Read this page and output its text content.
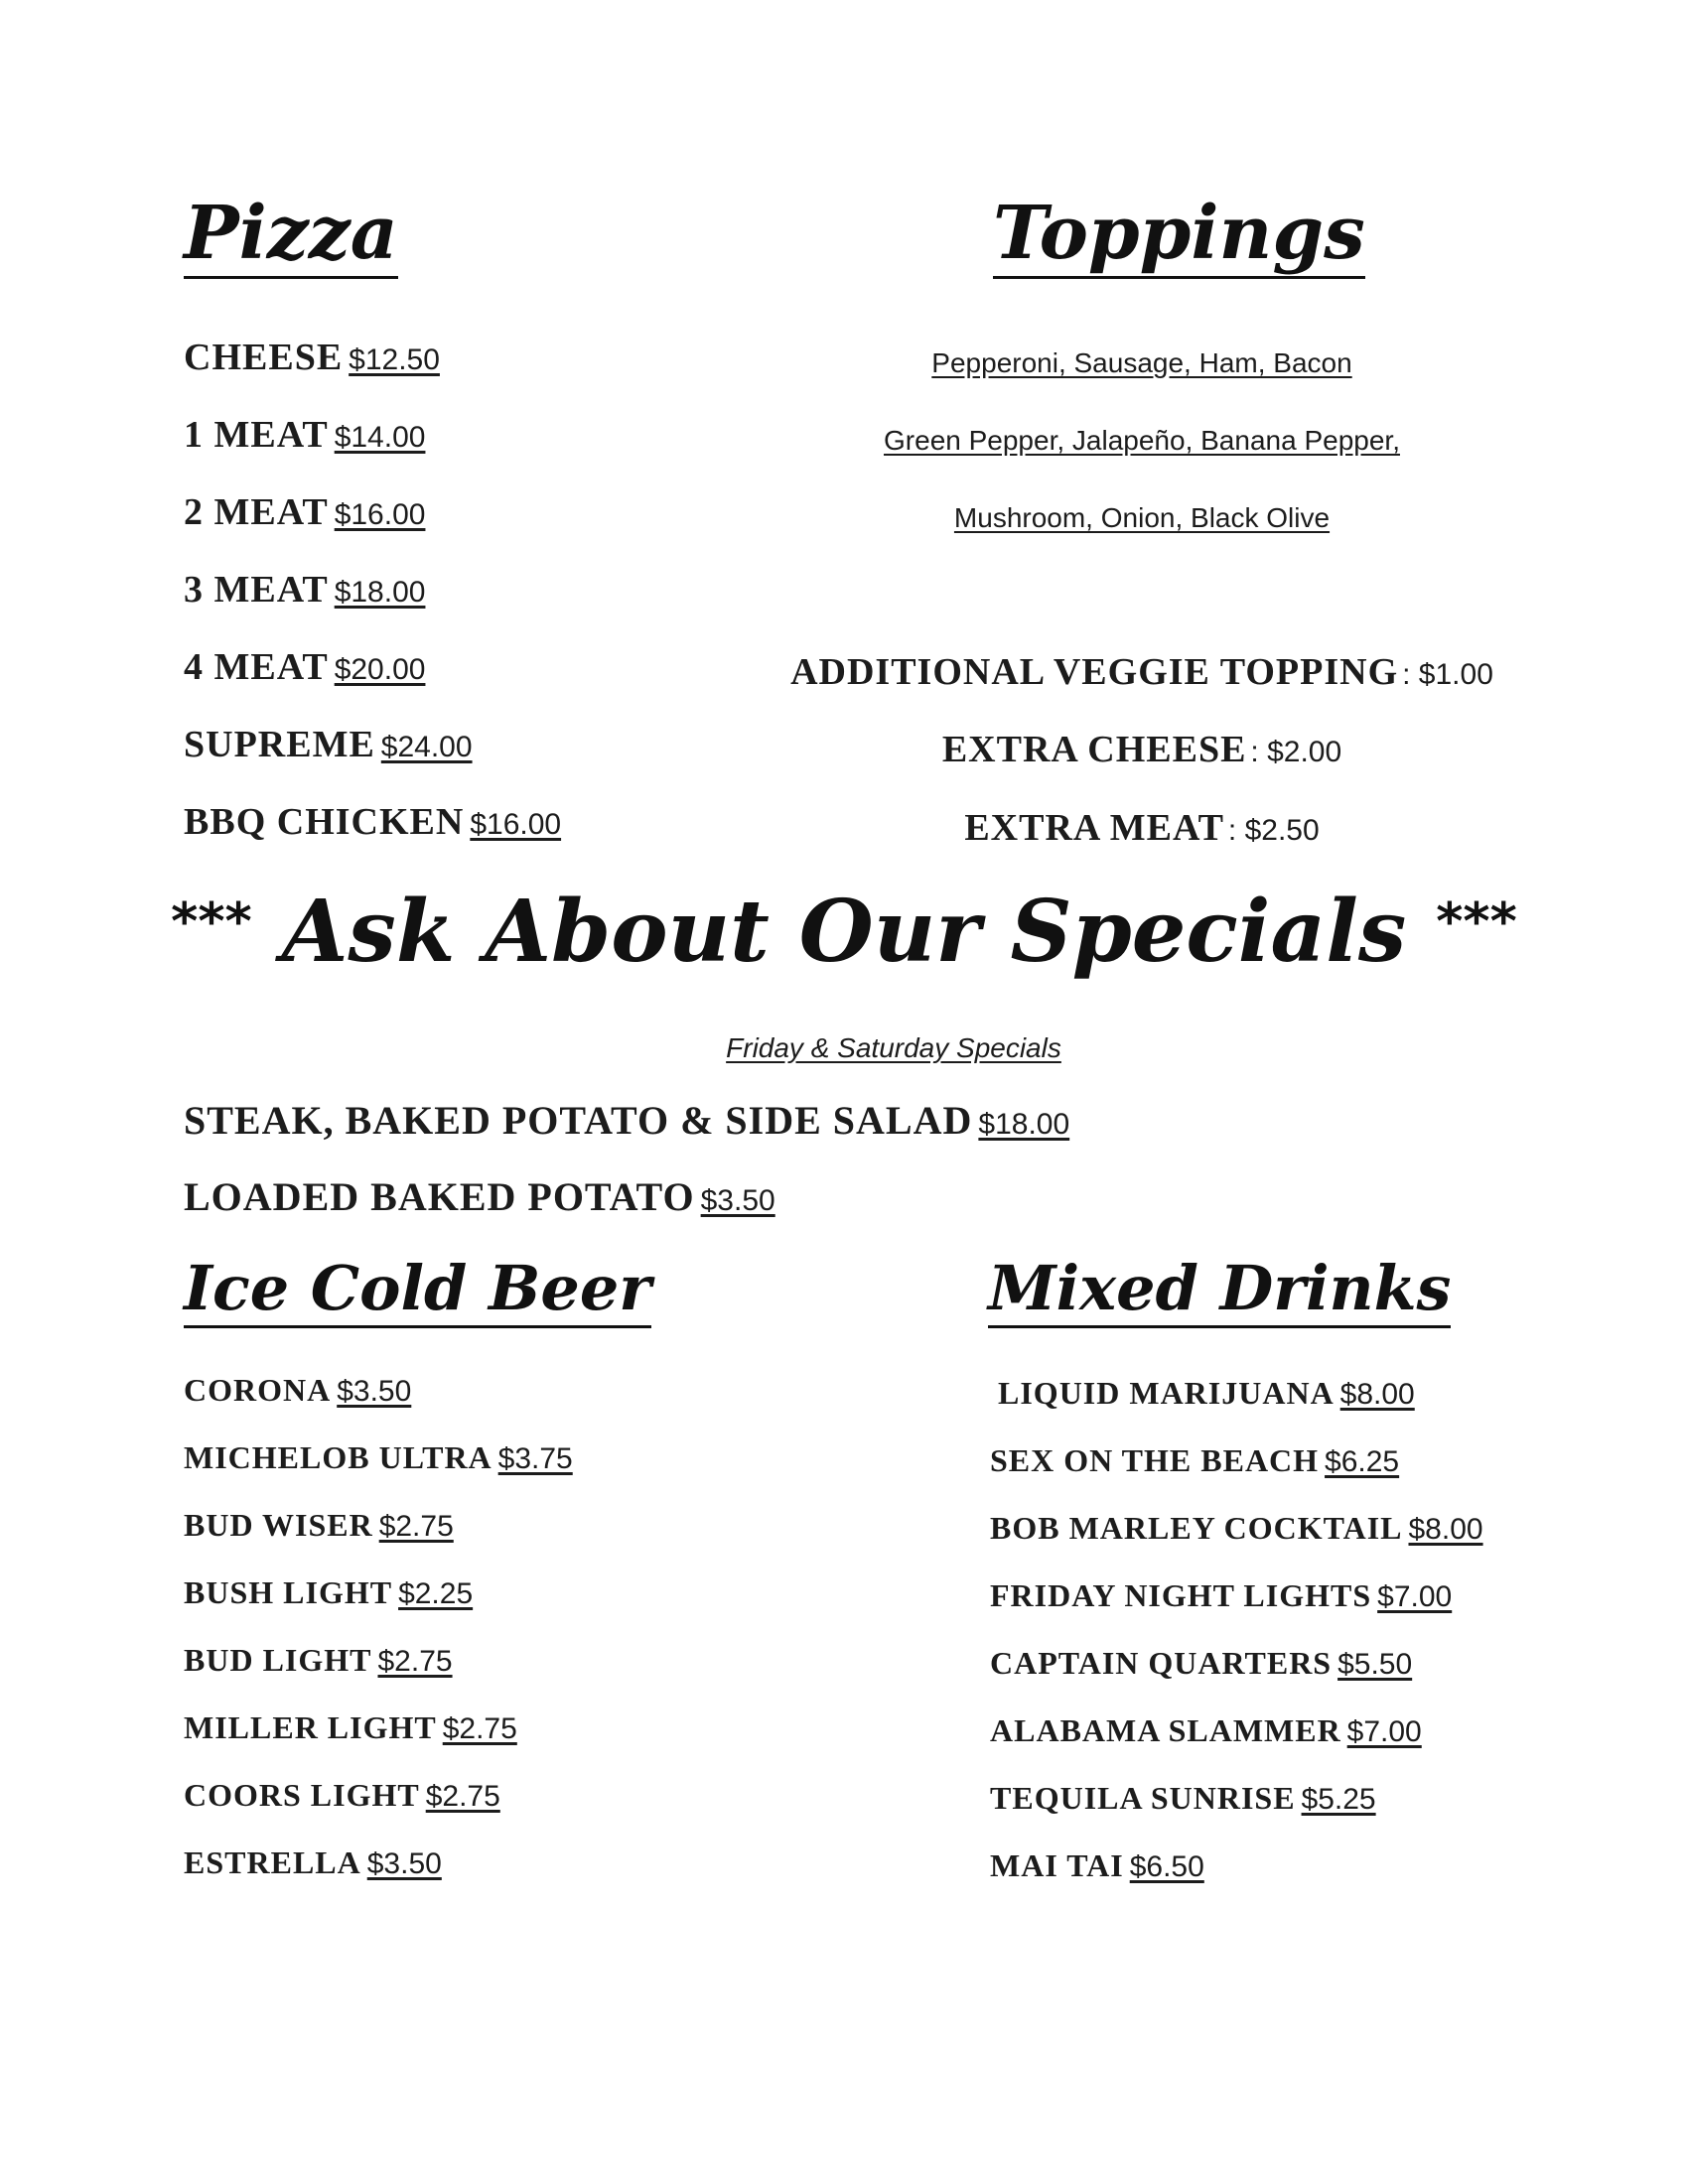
Pizza	Toppings
CHEESE $12.50
1 MEAT $14.00
2 MEAT $16.00
3 MEAT $18.00
4 MEAT $20.00
SUPREME $24.00
BBQ CHICKEN $16.00
Pepperoni, Sausage, Ham, Bacon
Green Pepper, Jalapeño, Banana Pepper,
Mushroom, Onion, Black Olive
ADDITIONAL VEGGIE TOPPING : $1.00
EXTRA CHEESE : $2.00
EXTRA MEAT : $2.50
*** Ask About Our Specials ***
Friday & Saturday Specials
STEAK, BAKED POTATO & SIDE SALAD $18.00
LOADED BAKED POTATO $3.50
Ice Cold Beer	Mixed Drinks
CORONA $3.50
MICHELOB ULTRA $3.75
BUD WISER $2.75
BUSH LIGHT $2.25
BUD LIGHT $2.75
MILLER LIGHT $2.75
COORS LIGHT $2.75
ESTRELLA $3.50
LIQUID MARIJUANA $8.00
SEX ON THE BEACH $6.25
BOB MARLEY COCKTAIL $8.00
FRIDAY NIGHT LIGHTS $7.00
CAPTAIN QUARTERS $5.50
ALABAMA SLAMMER $7.00
TEQUILA SUNRISE $5.25
MAI TAI $6.50
